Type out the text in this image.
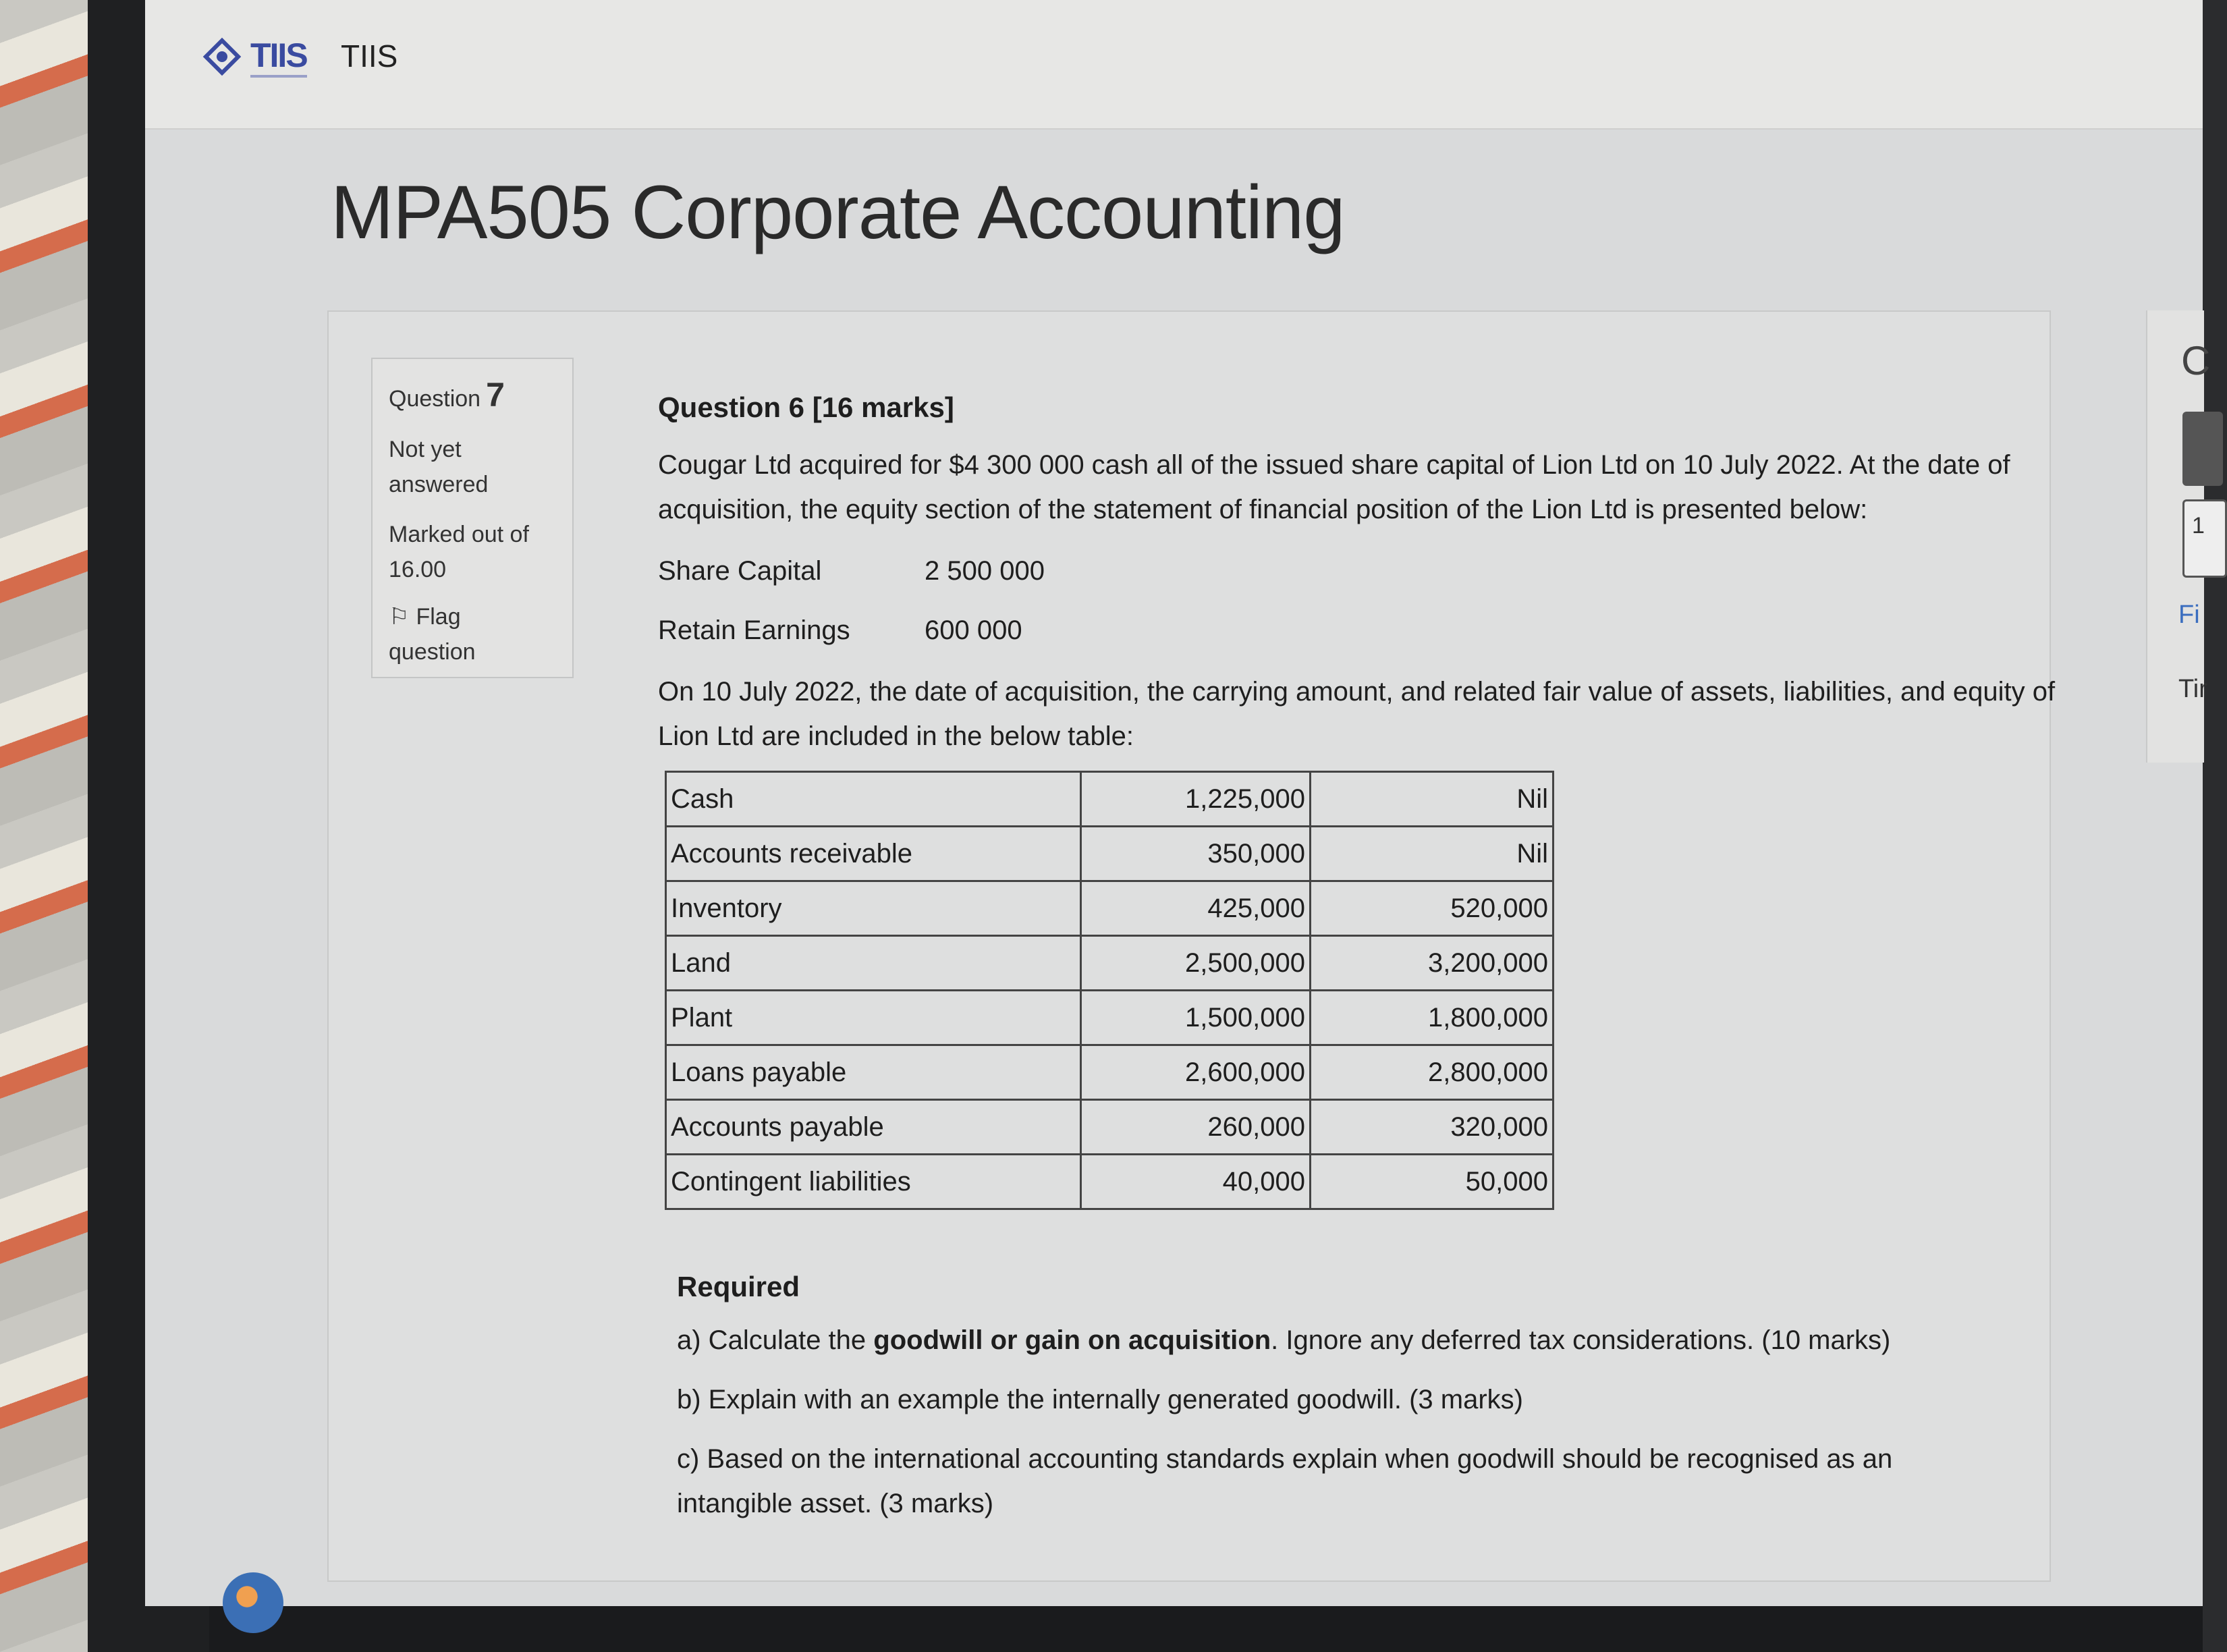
TIIS TIIS
MPA505 Corporate Accounting
Question 7
Not yet
answered
Marked out of
16.00
⚐ Flag
question
Question 6 [16 marks]
Cougar Ltd acquired for $4 300 000 cash all of the issued share capital of Lion Ltd on 10 July 2022. At the date of acquisition, the equity section of the statement of financial position of the Lion Ltd is presented below:
Share Capital	2 500 000
Retain Earnings	600 000
On 10 July 2022, the date of acquisition, the carrying amount, and related fair value of assets, liabilities, and equity of Lion Ltd are included in the below table:
Cash	1,225,000	Nil
Accounts receivable	350,000	Nil
Inventory	425,000	520,000
Land	2,500,000	3,200,000
Plant	1,500,000	1,800,000
Loans payable	2,600,000	2,800,000
Accounts payable	260,000	320,000
Contingent liabilities	40,000	50,000
Required
a) Calculate the goodwill or gain on acquisition. Ignore any deferred tax considerations. (10 marks)
b) Explain with an example the internally generated goodwill. (3 marks)
c) Based on the international accounting standards explain when goodwill should be recognised as an intangible asset. (3 marks)
C
1
Fi
Tir
